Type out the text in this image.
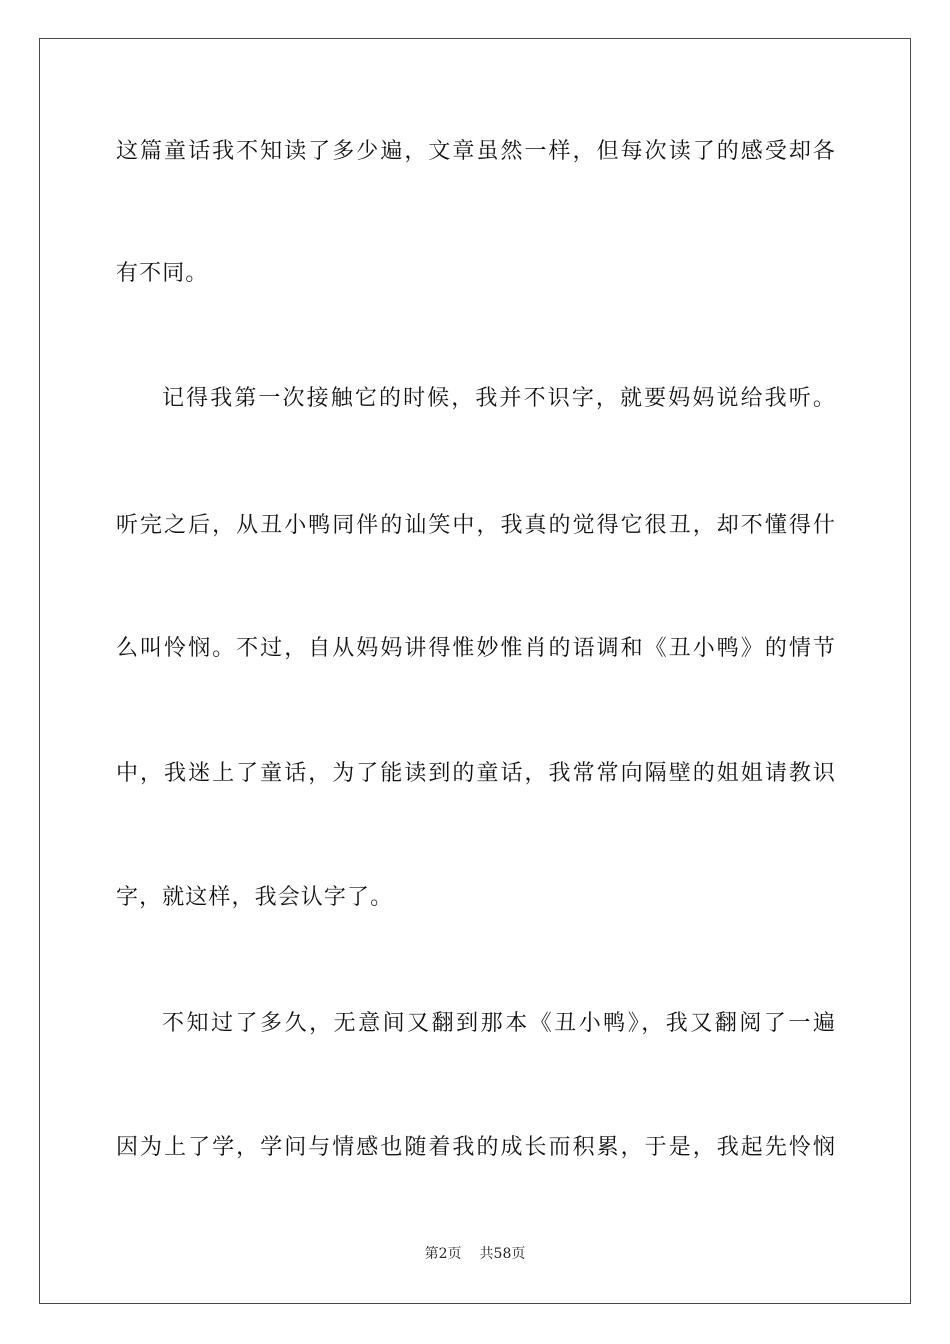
这篇童话我不知读了多少遍，文章虽然一样，但每次读了的感受却各
有不同。
记得我第一次接触它的时候，我并不识字，就要妈妈说给我听。
听完之后，从丑小鸭同伴的讪笑中，我真的觉得它很丑，却不懂得什
么叫怜悯。不过，自从妈妈讲得惟妙惟肖的语调和《丑小鸭》的情节
中，我迷上了童话，为了能读到的童话，我常常向隔壁的姐姐请教识
字，就这样，我会认字了。
不知过了多久，无意间又翻到那本《丑小鸭》，我又翻阅了一遍
因为上了学，学问与情感也随着我的成长而积累，于是，我起先怜悯
第2页 共58页
